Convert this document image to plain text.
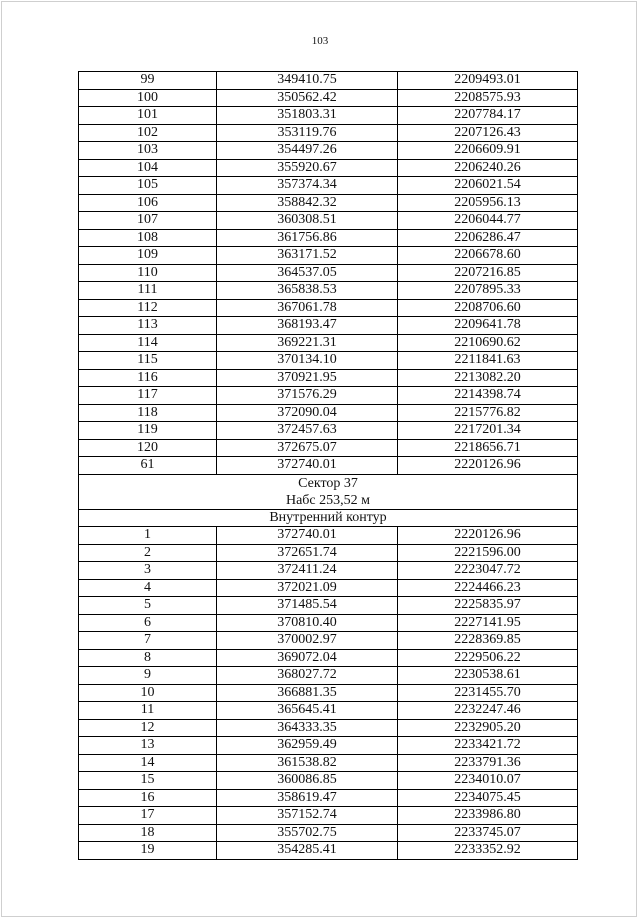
103
99	349410.75	2209493.01
100	350562.42	2208575.93
101	351803.31	2207784.17
102	353119.76	2207126.43
103	354497.26	2206609.91
104	355920.67	2206240.26
105	357374.34	2206021.54
106	358842.32	2205956.13
107	360308.51	2206044.77
108	361756.86	2206286.47
109	363171.52	2206678.60
110	364537.05	2207216.85
111	365838.53	2207895.33
112	367061.78	2208706.60
113	368193.47	2209641.78
114	369221.31	2210690.62
115	370134.10	2211841.63
116	370921.95	2213082.20
117	371576.29	2214398.74
118	372090.04	2215776.82
119	372457.63	2217201.34
120	372675.07	2218656.71
61	372740.01	2220126.96

Сектор 37
Набс 253,52 м		

Внутренний контур		
1	372740.01	2220126.96
2	372651.74	2221596.00
3	372411.24	2223047.72
4	372021.09	2224466.23
5	371485.54	2225835.97
6	370810.40	2227141.95
7	370002.97	2228369.85
8	369072.04	2229506.22
9	368027.72	2230538.61
10	366881.35	2231455.70
11	365645.41	2232247.46
12	364333.35	2232905.20
13	362959.49	2233421.72
14	361538.82	2233791.36
15	360086.85	2234010.07
16	358619.47	2234075.45
17	357152.74	2233986.80
18	355702.75	2233745.07
19	354285.41	2233352.92
